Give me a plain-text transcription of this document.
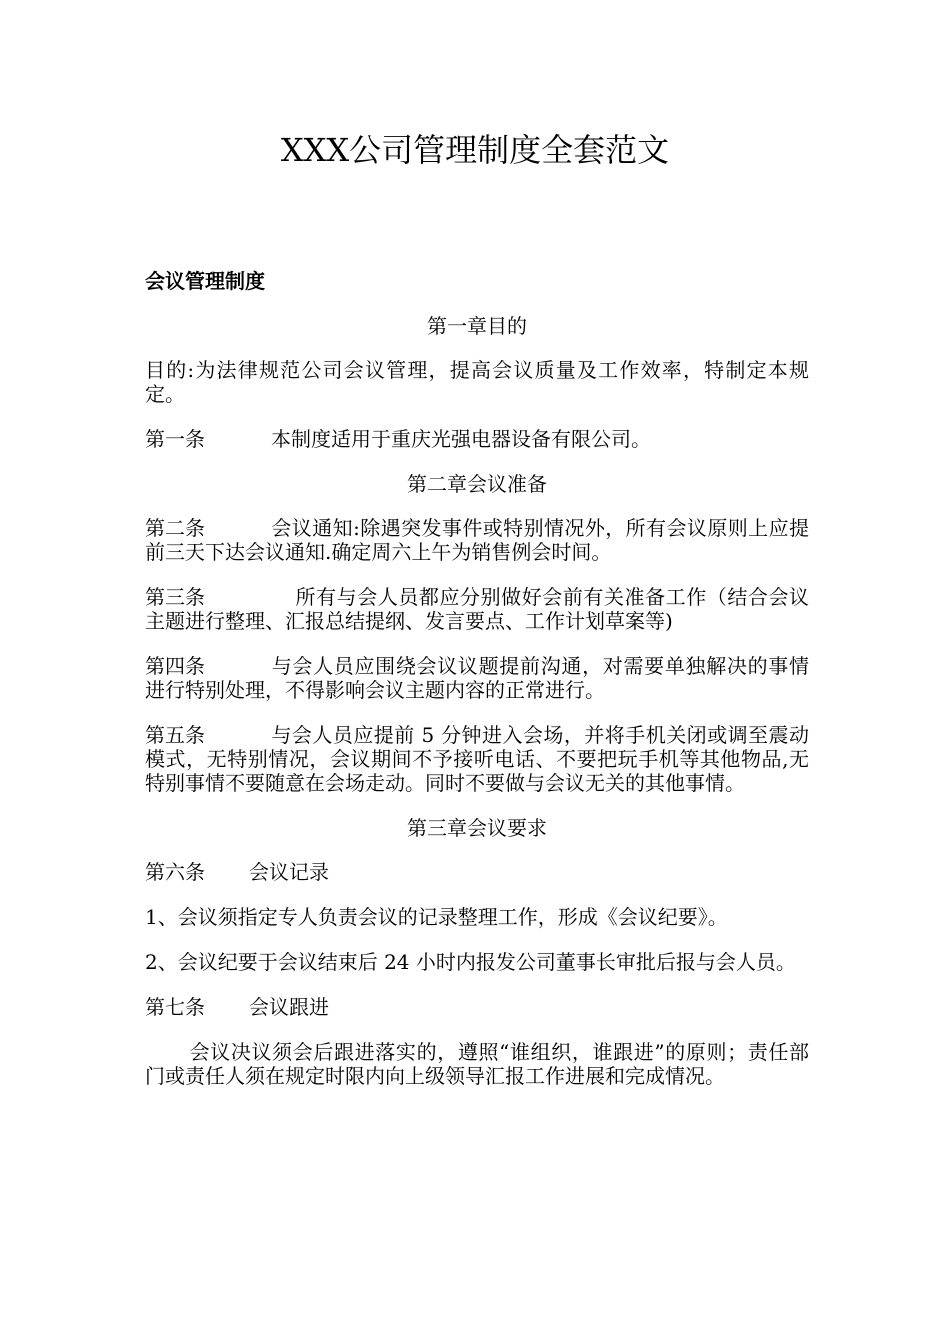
XXX公司管理制度全套范文
会议管理制度

第一章目的

目的:为法律规范公司会议管理，提高会议质量及工作效率，特制定本规定。

第一条	本制度适用于重庆光强电器设备有限公司。

第二章会议准备

第二条	会议通知:除遇突发事件或特别情况外，所有会议原则上应提前三天下达会议通知.确定周六上午为销售例会时间。

第三条	所有与会人员都应分别做好会前有关准备工作（结合会议主题进行整理、汇报总结提纲、发言要点、工作计划草案等)

第四条	与会人员应围绕会议议题提前沟通，对需要单独解决的事情进行特别处理，不得影响会议主题内容的正常进行。

第五条	与会人员应提前 5 分钟进入会场，并将手机关闭或调至震动模式，无特别情况，会议期间不予接听电话、不要把玩手机等其他物品,无特别事情不要随意在会场走动。同时不要做与会议无关的其他事情。

第三章会议要求

第六条 会议记录

1、会议须指定专人负责会议的记录整理工作，形成《会议纪要》。

2、会议纪要于会议结束后 24 小时内报发公司董事长审批后报与会人员。

第七条 会议跟进

会议决议须会后跟进落实的，遵照“谁组织，谁跟进”的原则；责任部门或责任人须在规定时限内向上级领导汇报工作进展和完成情况。
